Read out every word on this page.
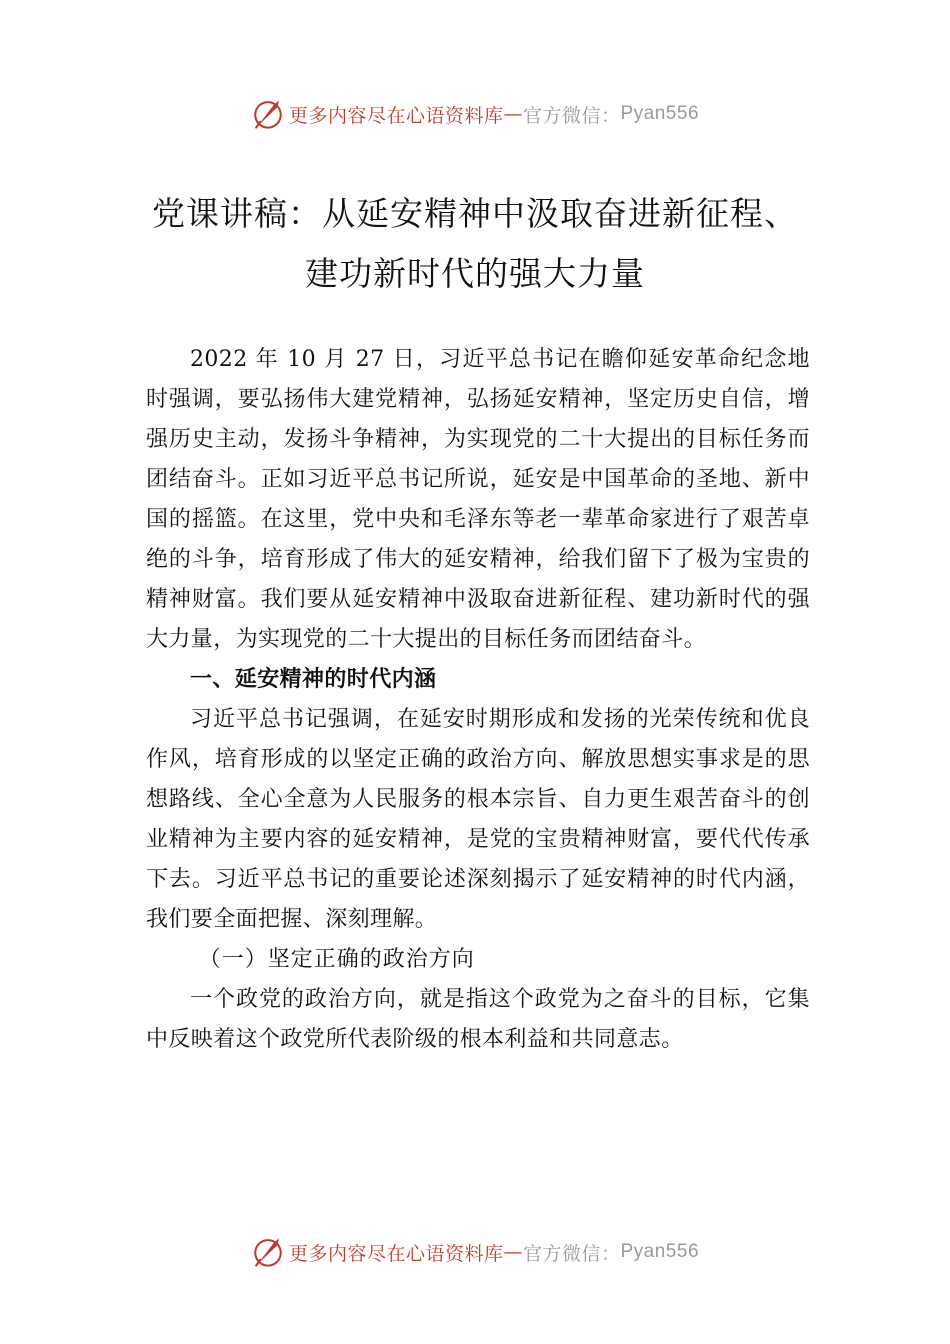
更多内容尽在心语资料库 — 官方微信： Pyan556
党课讲稿：从延安精神中汲取奋进新征程、建功新时代的强大力量

2022 年 10 月 27 日，习近平总书记在瞻仰延安革命纪念地时强调，要弘扬伟大建党精神，弘扬延安精神，坚定历史自信，增强历史主动，发扬斗争精神，为实现党的二十大提出的目标任务而团结奋斗。正如习近平总书记所说，延安是中国革命的圣地、新中国的摇篮。在这里，党中央和毛泽东等老一辈革命家进行了艰苦卓绝的斗争，培育形成了伟大的延安精神，给我们留下了极为宝贵的精神财富。我们要从延安精神中汲取奋进新征程、建功新时代的强大力量，为实现党的二十大提出的目标任务而团结奋斗。

一、延安精神的时代内涵

习近平总书记强调，在延安时期形成和发扬的光荣传统和优良作风，培育形成的以坚定正确的政治方向、解放思想实事求是的思想路线、全心全意为人民服务的根本宗旨、自力更生艰苦奋斗的创业精神为主要内容的延安精神，是党的宝贵精神财富，要代代传承下去。习近平总书记的重要论述深刻揭示了延安精神的时代内涵，我们要全面把握、深刻理解。

（一）坚定正确的政治方向

一个政党的政治方向，就是指这个政党为之奋斗的目标，它集中反映着这个政党所代表阶级的根本利益和共同意志。

更多内容尽在心语资料库 — 官方微信： Pyan556
